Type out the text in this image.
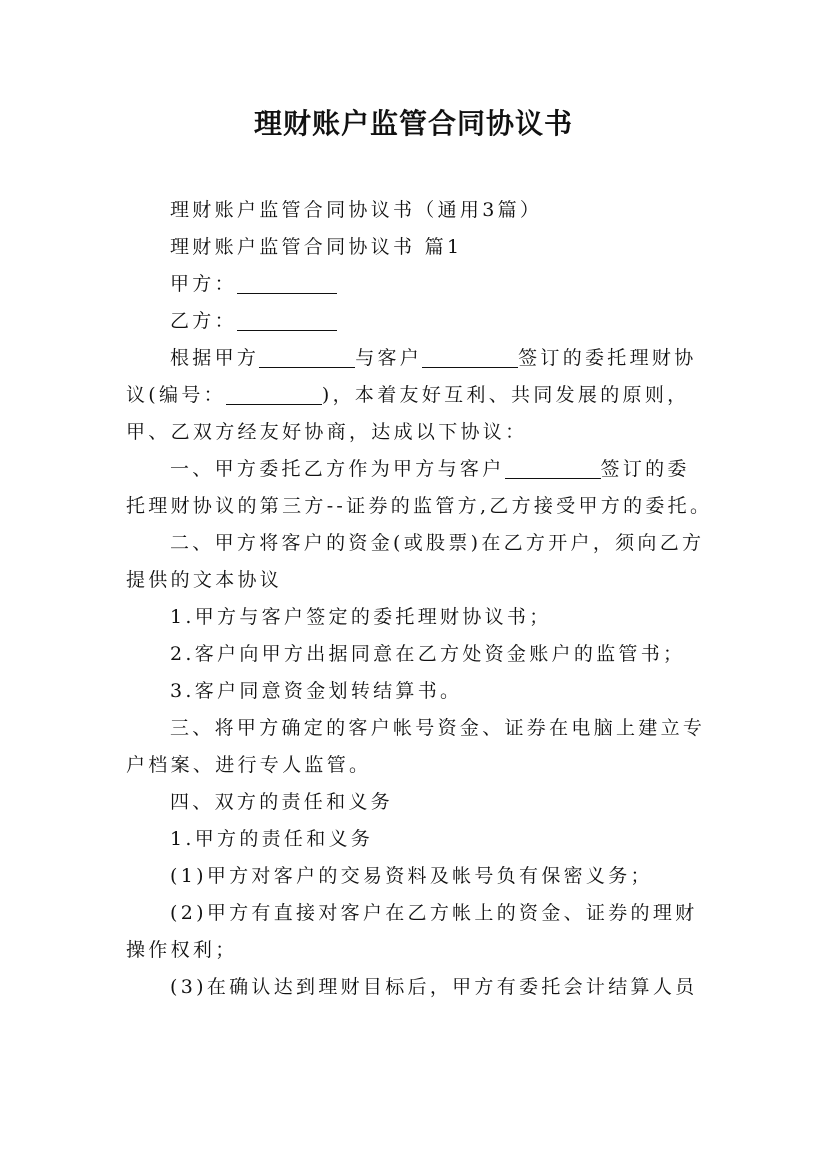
理财账户监管合同协议书

理财账户监管合同协议书（通用3篇）

理财账户监管合同协议书 篇1

甲方：

乙方：

根据甲方	与客户	签订的委托理财协

议(编号：	)，本着友好互利、共同发展的原则，

甲、乙双方经友好协商，达成以下协议：

一、甲方委托乙方作为甲方与客户	签订的委

托理财协议的第三方--证券的监管方,乙方接受甲方的委托。

二、甲方将客户的资金(或股票)在乙方开户，须向乙方

提供的文本协议

1.甲方与客户签定的委托理财协议书；

2.客户向甲方出据同意在乙方处资金账户的监管书；

3.客户同意资金划转结算书。

三、将甲方确定的客户帐号资金、证券在电脑上建立专

户档案、进行专人监管。

四、双方的责任和义务

1.甲方的责任和义务

(1)甲方对客户的交易资料及帐号负有保密义务；

(2)甲方有直接对客户在乙方帐上的资金、证券的理财

操作权利；

(3)在确认达到理财目标后，甲方有委托会计结算人员
